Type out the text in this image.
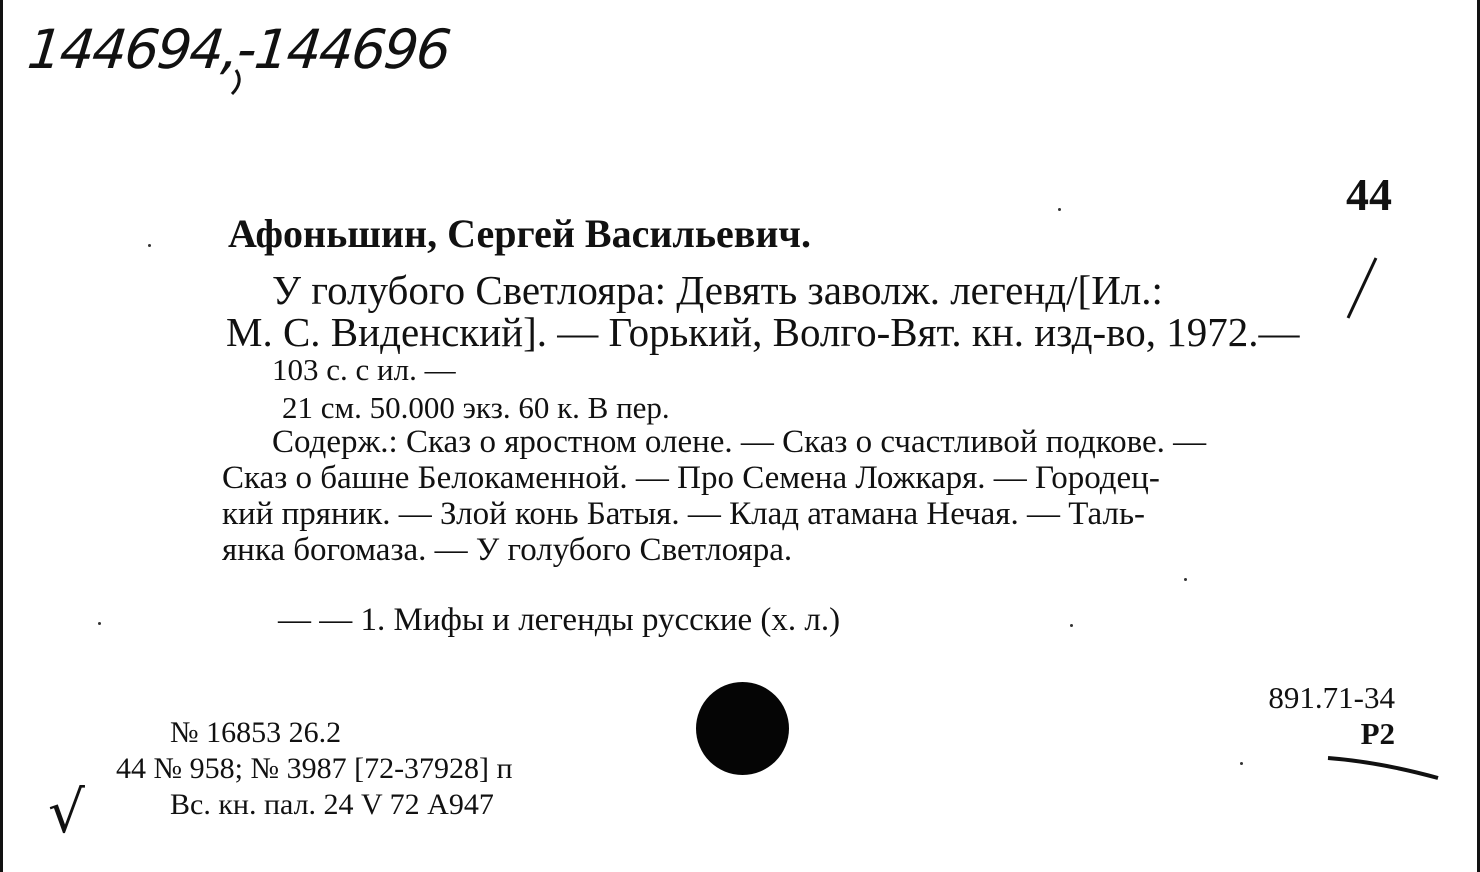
144694,-144696
44
Афоньшин, Сергей Васильевич.
У голубого Светлояра: Девять заволж. легенд/[Ил.:
М. С. Виденский]. — Горький, Волго-Вят. кн. изд-во, 1972.—
103 с. с ил. —
21 см. 50.000 экз. 60 к. В пер.
Содерж.: Сказ о яростном олене. — Сказ о счастливой подкове. —
Сказ о башне Белокаменной. — Про Семена Ложкаря. — Городец-
кий пряник. — Злой конь Батыя. — Клад атамана Нечая. — Таль-
янка богомаза. — У голубого Светлояра.
— — 1. Мифы и легенды русские (х. л.)
891.71-34
Р2
№ 16853 26.2
44 № 958; № 3987 [72-37928] п
Вс. кн. пал. 24 V 72 А947
√
